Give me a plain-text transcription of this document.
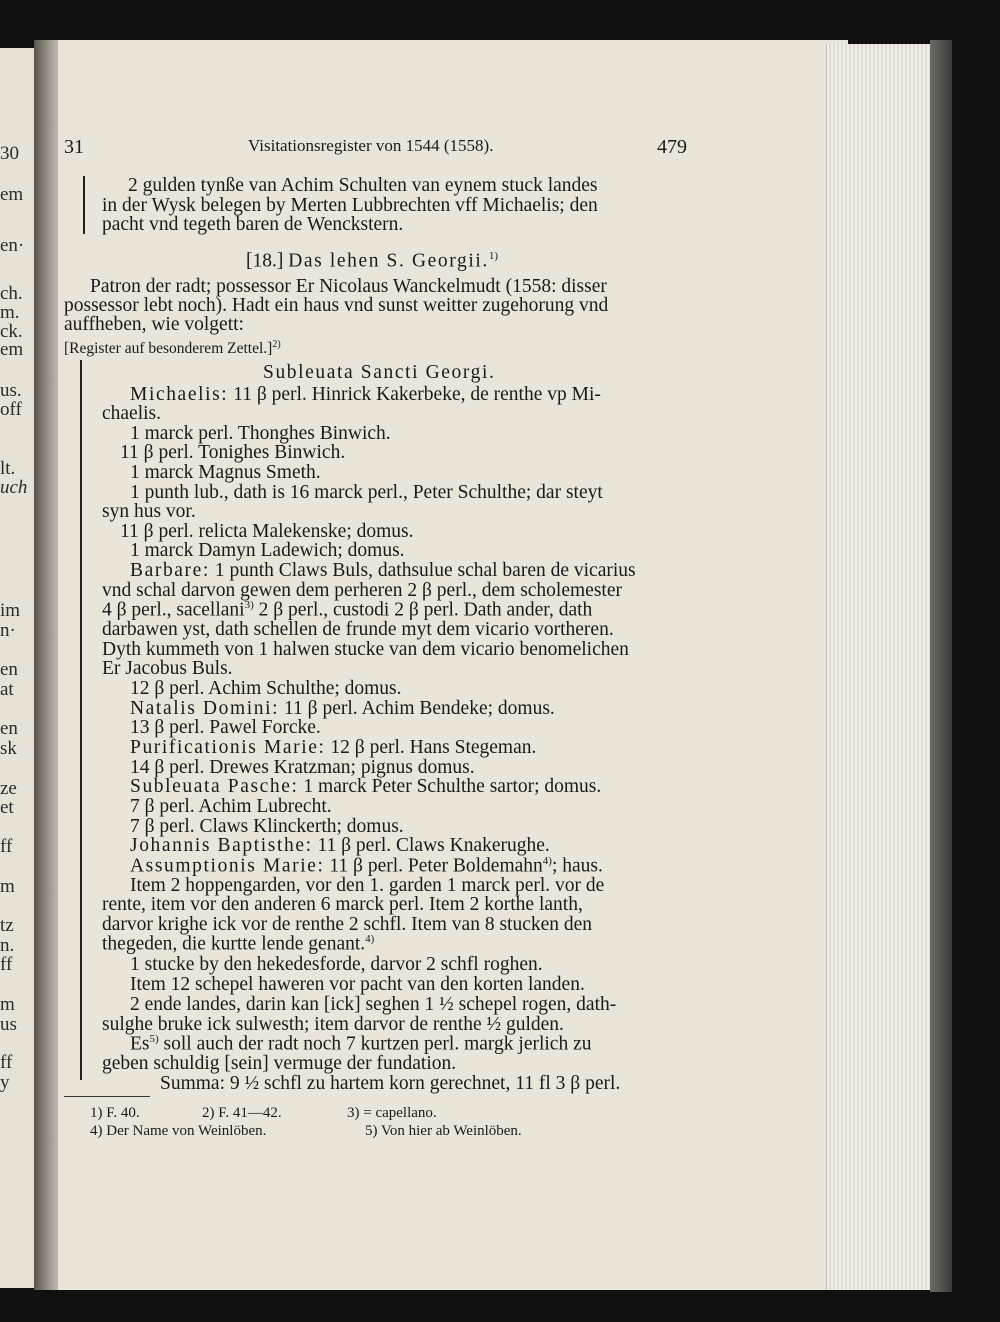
30
em
en·
ch.
m.
ck.
em
us.
off
lt.
uch
im
n·
en
at
en
sk
ze
et
ff
m
tz
n.
ff
m
us
ff
y
31	Visitationsregister von 1544 (1558).	479
2 gulden tynße van Achim Schulten van eynem stuck landes
in der Wysk belegen by Merten Lubbrechten vff Michaelis; den
pacht vnd tegeth baren de Wenckstern.
[18.] Das lehen S. Georgii.$^{1)}$
Patron der radt; possessor Er Nicolaus Wanckelmudt (1558: disser
possessor lebt noch). Hadt ein haus vnd sunst weitter zugehorung vnd
auffheben, wie volgett:
[Register auf besonderem Zettel.]$^{2)}$
Subleuata Sancti Georgi.
Michaelis: 11 β perl. Hinrick Kakerbeke, de renthe vp Mi-
chaelis.
1 marck perl. Thonghes Binwich.
11 β perl. Tonighes Binwich.
1 marck Magnus Smeth.
1 punth lub., dath is 16 marck perl., Peter Schulthe; dar steyt
syn hus vor.
11 β perl. relicta Malekenske; domus.
1 marck Damyn Ladewich; domus.
Barbare: 1 punth Claws Buls, dathsulue schal baren de vicarius
vnd schal darvon gewen dem perheren 2 β perl., dem scholemester
4 β perl., sacellani$^{3)}$ 2 β perl., custodi 2 β perl. Dath ander, dath
darbawen yst, dath schellen de frunde myt dem vicario vortheren.
Dyth kummeth von 1 halwen stucke van dem vicario benomelichen
Er Jacobus Buls.
12 β perl. Achim Schulthe; domus.
Natalis Domini: 11 β perl. Achim Bendeke; domus.
13 β perl. Pawel Forcke.
Purificationis Marie: 12 β perl. Hans Stegeman.
14 β perl. Drewes Kratzman; pignus domus.
Subleuata Pasche: 1 marck Peter Schulthe sartor; domus.
7 β perl. Achim Lubrecht.
7 β perl. Claws Klinckerth; domus.
Johannis Baptisthe: 11 β perl. Claws Knakerughe.
Assumptionis Marie: 11 β perl. Peter Boldemahn$^{4)}$; haus.
Item 2 hoppengarden, vor den 1. garden 1 marck perl. vor de
rente, item vor den anderen 6 marck perl. Item 2 korthe lanth,
darvor krighe ick vor de renthe 2 schfl. Item van 8 stucken den
thegeden, die kurtte lende genant.$^{4)}$
1 stucke by den hekedesforde, darvor 2 schfl roghen.
Item 12 schepel haweren vor pacht van den korten landen.
2 ende landes, darin kan [ick] seghen 1 ½ schepel rogen, dath-
sulghe bruke ick sulwesth; item darvor de renthe ½ gulden.
Es$^{5)}$ soll auch der radt noch 7 kurtzen perl. margk jerlich zu
geben schuldig [sein] vermuge der fundation.
Summa: 9 ½ schfl zu hartem korn gerechnet, 11 fl 3 β perl.
1) F. 40.	2) F. 41—42.	3) = capellano.
4) Der Name von Weinlöben.	5) Von hier ab Weinlöben.
